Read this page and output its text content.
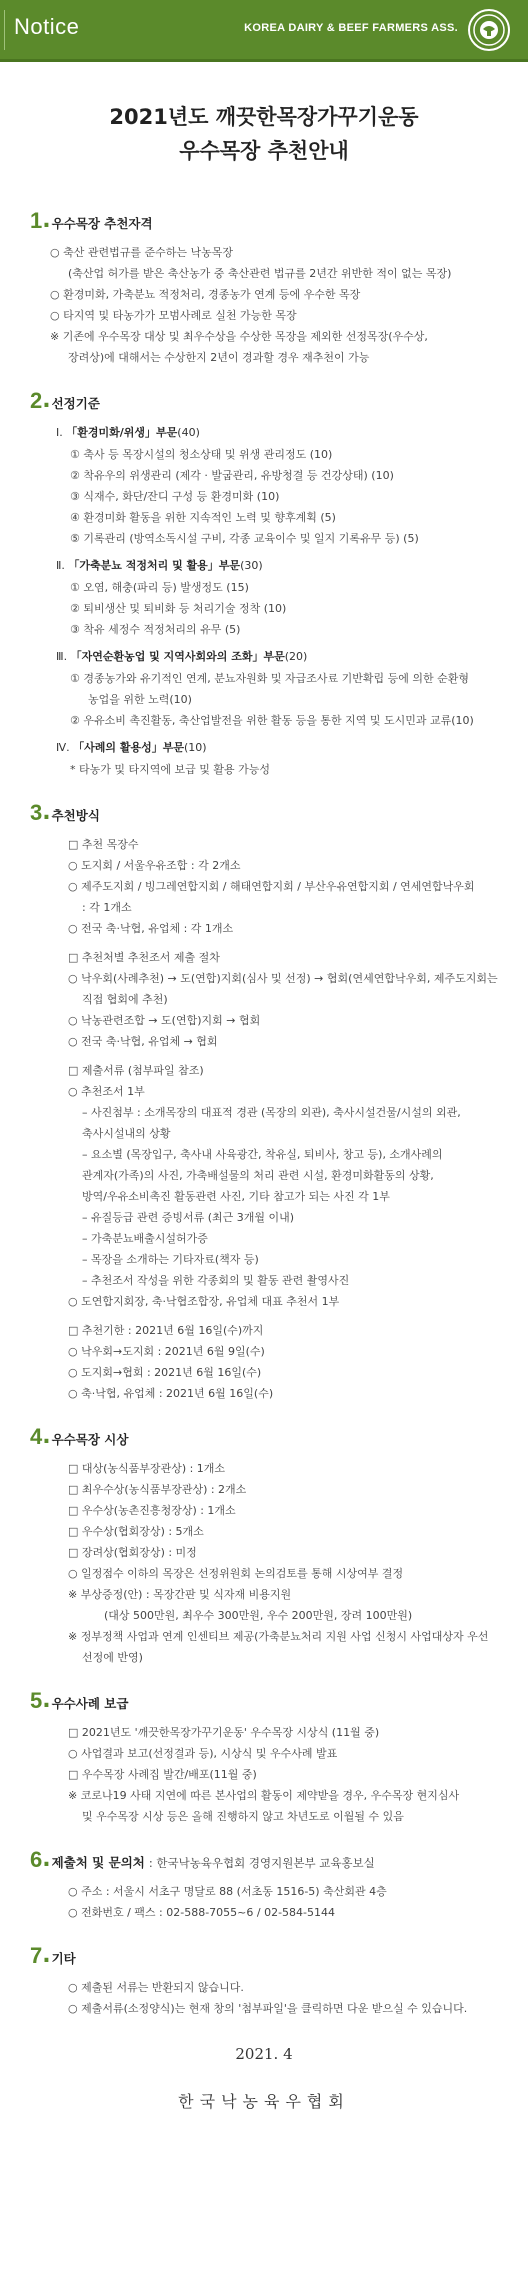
Notice	KOREA DAIRY & BEEF FARMERS ASS.
2021년도 깨끗한목장가꾸기운동
우수목장 추천안내
1 . 우수목장 추천자격
○ 축산 관련법규를 준수하는 낙농목장
(축산업 허가를 받은 축산농가 중 축산관련 법규를 2년간 위반한 적이 없는 목장)
○ 환경미화, 가축분뇨 적정처리, 경종농가 연계 등에 우수한 목장
○ 타지역 및 타농가가 모범사례로 실천 가능한 목장
※ 기존에 우수목장 대상 및 최우수상을 수상한 목장을 제외한 선정목장(우수상,
장려상)에 대해서는 수상한지 2년이 경과할 경우 재추천이 가능
2 . 선정기준
Ⅰ. 「환경미화/위생」부문(40)
① 축사 등 목장시설의 청소상태 및 위생 관리정도 (10)
② 착유우의 위생관리 (제각 · 발굽관리, 유방청결 등 건강상태) (10)
③ 식재수, 화단/잔디 구성 등 환경미화 (10)
④ 환경미화 활동을 위한 지속적인 노력 및 향후계획 (5)
⑤ 기록관리 (방역소독시설 구비, 각종 교육이수 및 일지 기록유무 등) (5)
Ⅱ. 「가축분뇨 적정처리 및 활용」부문(30)
① 오염, 해충(파리 등) 발생정도 (15)
② 퇴비생산 및 퇴비화 등 처리기술 정착 (10)
③ 착유 세정수 적정처리의 유무 (5)
Ⅲ. 「자연순환농업 및 지역사회와의 조화」부문(20)
① 경종농가와 유기적인 연계, 분뇨자원화 및 자급조사료 기반확립 등에 의한 순환형
농업을 위한 노력(10)
② 우유소비 촉진활동, 축산업발전을 위한 활동 등을 통한 지역 및 도시민과 교류(10)
Ⅳ. 「사례의 활용성」부문(10)
* 타농가 및 타지역에 보급 및 활용 가능성
3 . 추천방식
□ 추천 목장수
○ 도지회 / 서울우유조합 : 각 2개소
○ 제주도지회 / 빙그레연합지회 / 해태연합지회 / 부산우유연합지회 / 연세연합낙우회
: 각 1개소
○ 전국 축·낙협, 유업체 : 각 1개소
□ 추천처별 추천조서 제출 절차
○ 낙우회(사례추천) → 도(연합)지회(심사 및 선정) → 협회(연세연합낙우회, 제주도지회는
직접 협회에 추천)
○ 낙농관련조합 → 도(연합)지회 → 협회
○ 전국 축·낙협, 유업체 → 협회
□ 제출서류 (첨부파일 참조)
○ 추천조서 1부
– 사진첨부 : 소개목장의 대표적 경관 (목장의 외관), 축사시설건물/시설의 외관,
축사시설내의 상황
– 요소별 (목장입구, 축사내 사육광간, 착유실, 퇴비사, 창고 등), 소개사례의
관계자(가족)의 사진, 가축배설물의 처리 관련 시설, 환경미화활동의 상황,
방역/우유소비촉진 활동관련 사진, 기타 참고가 되는 사진 각 1부
– 유질등급 관련 증빙서류 (최근 3개월 이내)
– 가축분뇨배출시설허가증
– 목장을 소개하는 기타자료(책자 등)
– 추천조서 작성을 위한 각종회의 및 활동 관련 촬영사진
○ 도연합지회장, 축·낙협조합장, 유업체 대표 추천서 1부
□ 추천기한 : 2021년 6월 16일(수)까지
○ 낙우회→도지회 : 2021년 6월 9일(수)
○ 도지회→협회 : 2021년 6월 16일(수)
○ 축·낙협, 유업체 : 2021년 6월 16일(수)
4 . 우수목장 시상
□ 대상(농식품부장관상) : 1개소
□ 최우수상(농식품부장관상) : 2개소
□ 우수상(농촌진흥청장상) : 1개소
□ 우수상(협회장상) : 5개소
□ 장려상(협회장상) : 미정
○ 일정점수 이하의 목장은 선정위원회 논의검토를 통해 시상여부 결정
※ 부상증정(안) : 목장간판 및 식자재 비용지원
(대상 500만원, 최우수 300만원, 우수 200만원, 장려 100만원)
※ 정부정책 사업과 연계 인센티브 제공(가축분뇨처리 지원 사업 신청시 사업대상자 우선
선정에 반영)
5 . 우수사례 보급
□ 2021년도 '깨끗한목장가꾸기운동' 우수목장 시상식 (11월 중)
○ 사업결과 보고(선정결과 등), 시상식 및 우수사례 발표
□ 우수목장 사례집 발간/배포(11월 중)
※ 코로나19 사태 지연에 따른 본사업의 활동이 제약받을 경우, 우수목장 현지심사
및 우수목장 시상 등은 올해 진행하지 않고 차년도로 이월될 수 있음
6 . 제출처 및 문의처 : 한국낙농육우협회 경영지원본부 교육홍보실
○ 주소 : 서울시 서초구 명달로 88 (서초동 1516-5) 축산회관 4층
○ 전화번호 / 팩스 : 02-588-7055~6 / 02-584-5144
7 . 기타
○ 제출된 서류는 반환되지 않습니다.
○ 제출서류(소정양식)는 현재 창의 '첨부파일'을 클릭하면 다운 받으실 수 있습니다.
2021. 4
한국낙농육우협회
